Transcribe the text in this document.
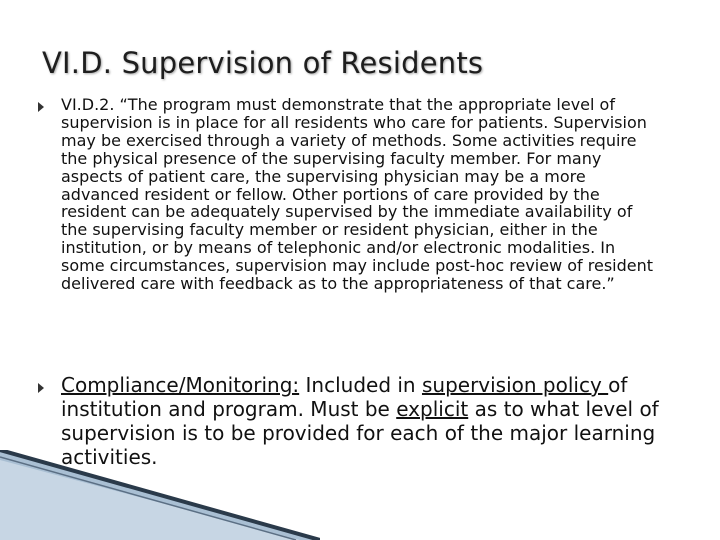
VI.D. Supervision of Residents
VI.D.2. “The program must demonstrate that the appropriate level of supervision is in place for all residents who care for patients. Supervision may be exercised through a variety of methods. Some activities require the physical presence of the supervising faculty member. For many aspects of patient care, the supervising physician may be a more advanced resident or fellow. Other portions of care provided by the resident can be adequately supervised by the immediate availability of the supervising faculty member or resident physician, either in the institution, or by means of telephonic and/or electronic modalities. In some circumstances, supervision may include post-hoc review of resident delivered care with feedback as to the appropriateness of that care.”
Compliance/Monitoring: Included in supervision policy of institution and program. Must be explicit as to what level of supervision is to be provided for each of the major learning activities.
